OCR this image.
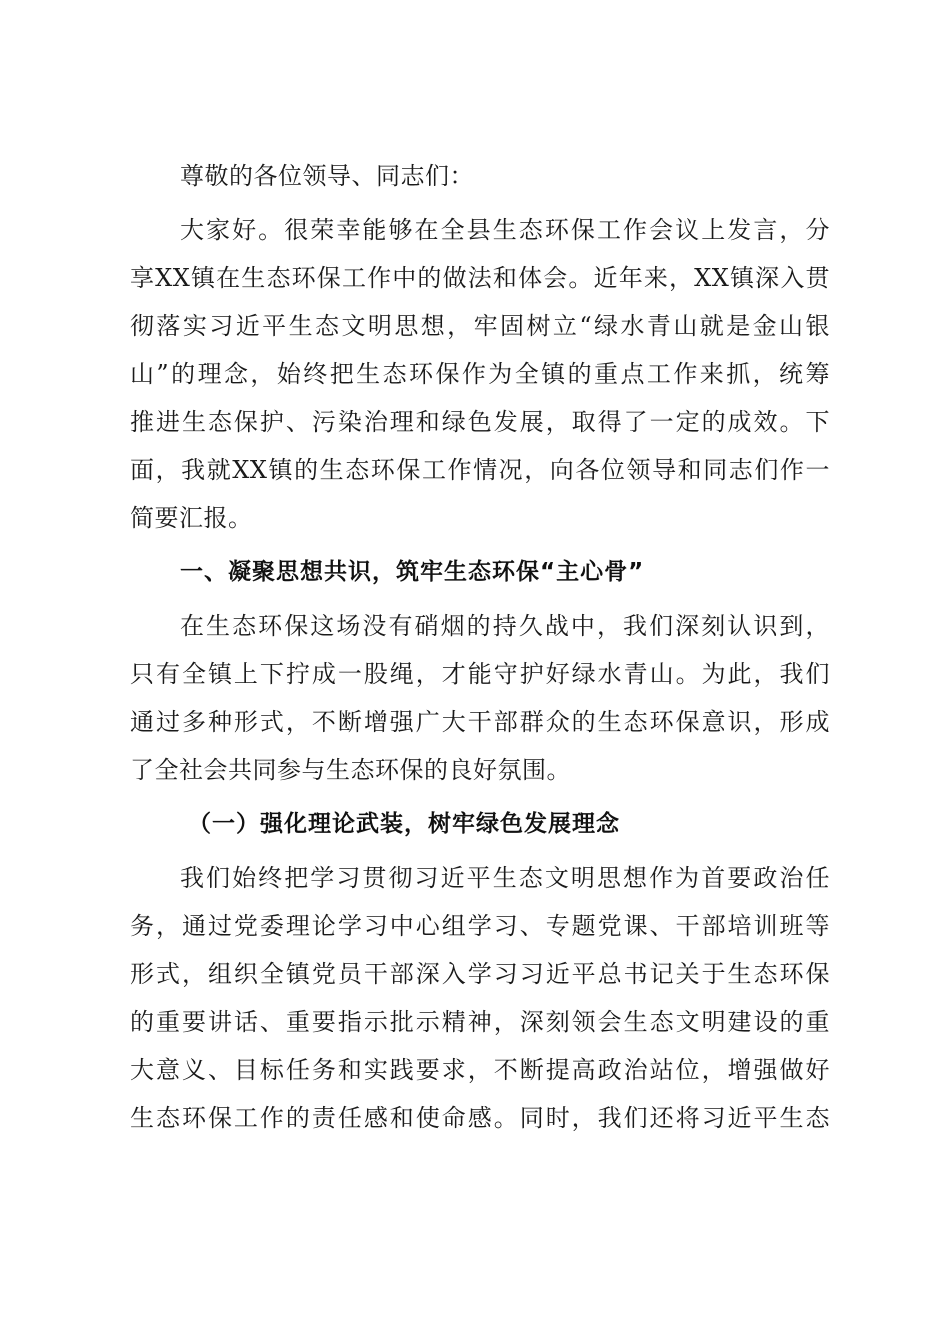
尊敬的各位领导、同志们：
大家好。很荣幸能够在全县生态环保工作会议上发言，分
享XX镇在生态环保工作中的做法和体会。近年来，XX镇深入贯
彻落实习近平生态文明思想，牢固树立“绿水青山就是金山银
山”的理念，始终把生态环保作为全镇的重点工作来抓，统筹
推进生态保护、污染治理和绿色发展，取得了一定的成效。下
面，我就XX镇的生态环保工作情况，向各位领导和同志们作一
简要汇报。
一、凝聚思想共识，筑牢生态环保“主心骨”
在生态环保这场没有硝烟的持久战中，我们深刻认识到，
只有全镇上下拧成一股绳，才能守护好绿水青山。为此，我们
通过多种形式，不断增强广大干部群众的生态环保意识，形成
了全社会共同参与生态环保的良好氛围。
（一）强化理论武装，树牢绿色发展理念
我们始终把学习贯彻习近平生态文明思想作为首要政治任
务，通过党委理论学习中心组学习、专题党课、干部培训班等
形式，组织全镇党员干部深入学习习近平总书记关于生态环保
的重要讲话、重要指示批示精神，深刻领会生态文明建设的重
大意义、目标任务和实践要求，不断提高政治站位，增强做好
生态环保工作的责任感和使命感。同时，我们还将习近平生态
